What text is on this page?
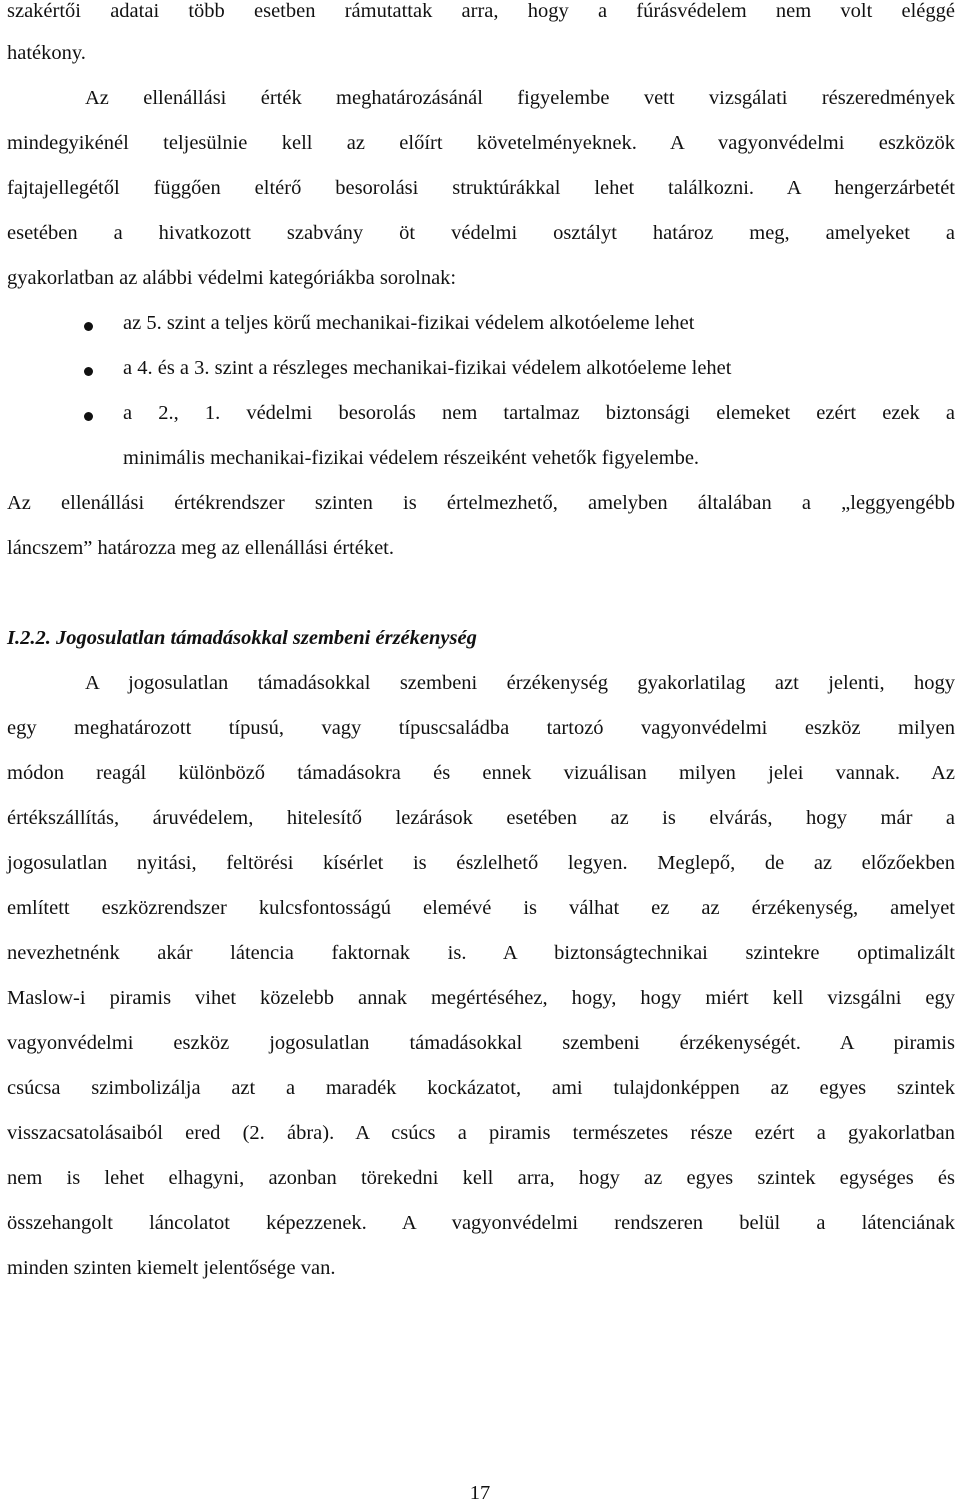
szakértői adatai több esetben rámutattak arra, hogy a fúrásvédelem nem volt eléggé
hatékony.
Az ellenállási érték meghatározásánál figyelembe vett vizsgálati részeredmények
mindegyikénél teljesülnie kell az előírt követelményeknek. A vagyonvédelmi eszközök
fajtajellegétől függően eltérő besorolási struktúrákkal lehet találkozni. A hengerzárbetét
esetében a hivatkozott szabvány öt védelmi osztályt határoz meg, amelyeket a
gyakorlatban az alábbi védelmi kategóriákba sorolnak:
az 5. szint a teljes körű mechanikai-fizikai védelem alkotóeleme lehet
a 4. és a 3. szint a részleges mechanikai-fizikai védelem alkotóeleme lehet
a 2., 1. védelmi besorolás nem tartalmaz biztonsági elemeket ezért ezek a
minimális mechanikai-fizikai védelem részeiként vehetők figyelembe.
Az ellenállási értékrendszer szinten is értelmezhető, amelyben általában a „leggyengébb
láncszem” határozza meg az ellenállási értéket.
I.2.2. Jogosulatlan támadásokkal szembeni érzékenység
A jogosulatlan támadásokkal szembeni érzékenység gyakorlatilag azt jelenti, hogy
egy meghatározott típusú, vagy típuscsaládba tartozó vagyonvédelmi eszköz milyen
módon reagál különböző támadásokra és ennek vizuálisan milyen jelei vannak. Az
értékszállítás, áruvédelem, hitelesítő lezárások esetében az is elvárás, hogy már a
jogosulatlan nyitási, feltörési kísérlet is észlelhető legyen. Meglepő, de az előzőekben
említett eszközrendszer kulcsfontosságú elemévé is válhat ez az érzékenység, amelyet
nevezhetnénk akár látencia faktornak is. A biztonságtechnikai szintekre optimalizált
Maslow-i piramis vihet közelebb annak megértéséhez, hogy, hogy miért kell vizsgálni egy
vagyonvédelmi eszköz jogosulatlan támadásokkal szembeni érzékenységét. A piramis
csúcsa szimbolizálja azt a maradék kockázatot, ami tulajdonképpen az egyes szintek
visszacsatolásaiból ered (2. ábra). A csúcs a piramis természetes része ezért a gyakorlatban
nem is lehet elhagyni, azonban törekedni kell arra, hogy az egyes szintek egységes és
összehangolt láncolatot képezzenek. A vagyonvédelmi rendszeren belül a látenciának
minden szinten kiemelt jelentősége van.
17
